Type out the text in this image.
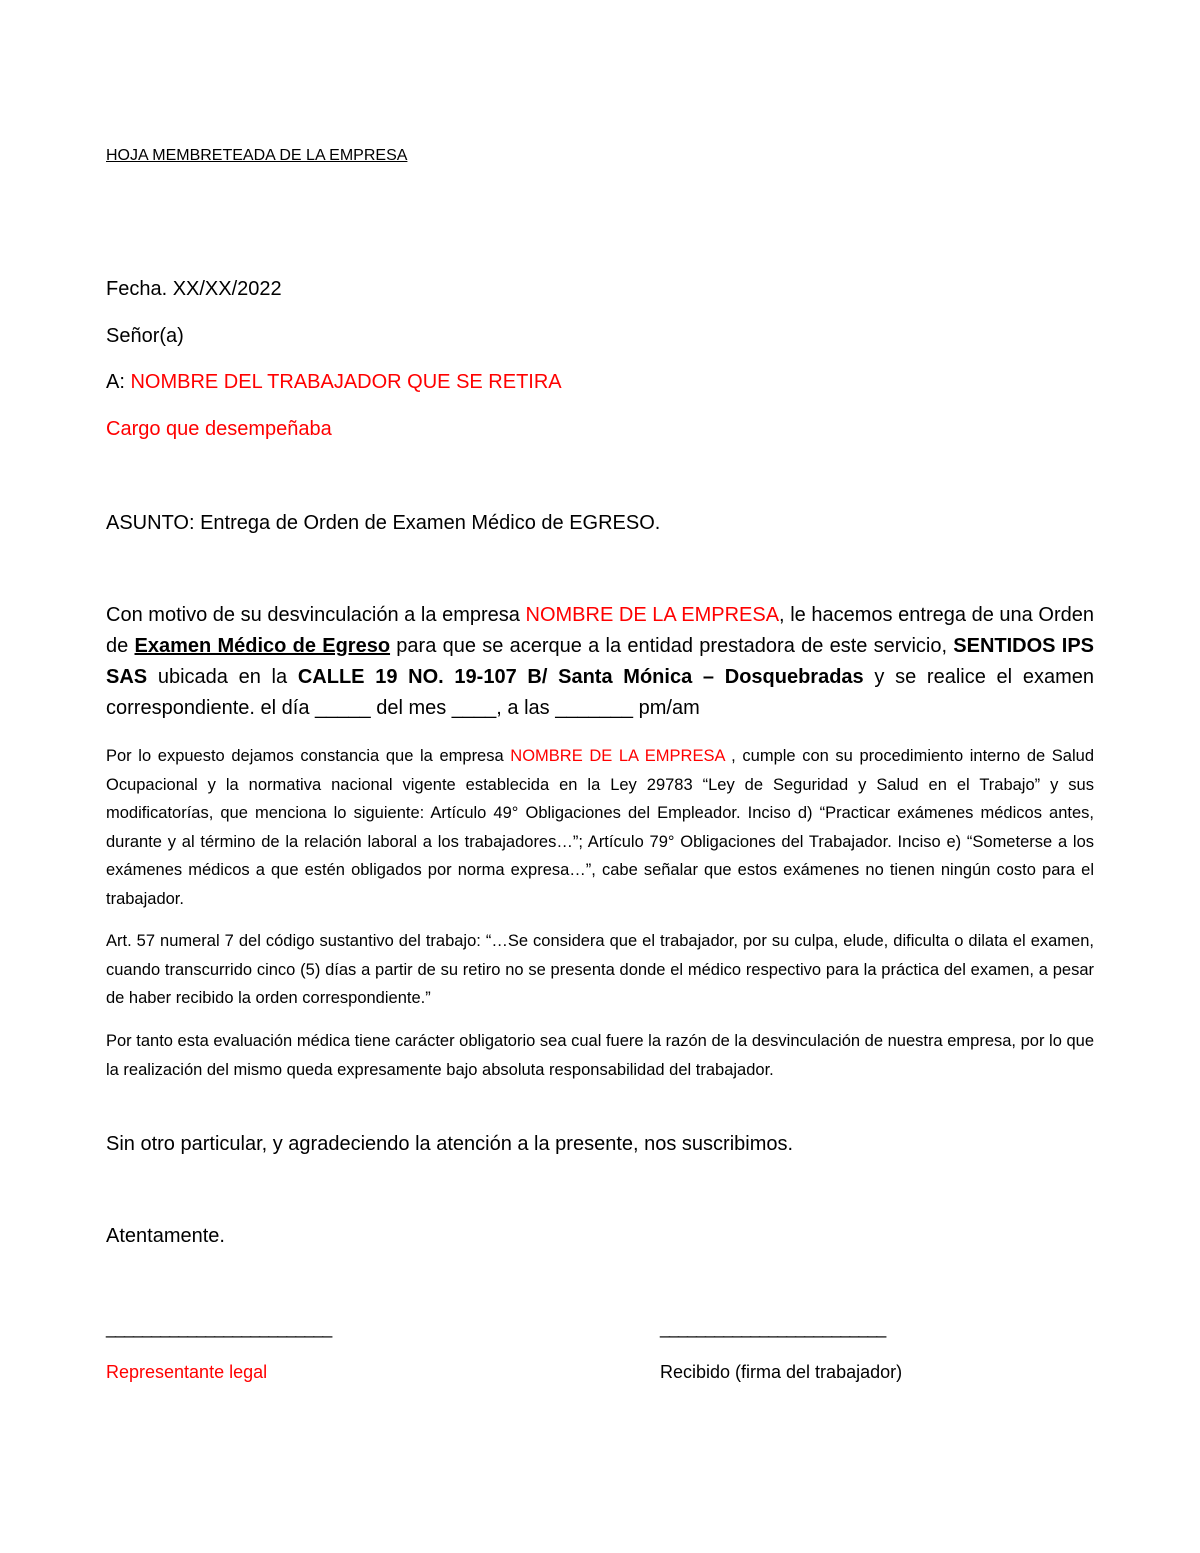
HOJA MEMBRETEADA DE LA EMPRESA
Fecha. XX/XX/2022
Señor(a)
A: NOMBRE DEL TRABAJADOR QUE SE RETIRA
Cargo que desempeñaba
ASUNTO: Entrega de Orden de Examen Médico de EGRESO.
Con motivo de su desvinculación a la empresa NOMBRE DE LA EMPRESA, le hacemos entrega de una Orden de Examen Médico de Egreso para que se acerque a la entidad prestadora de este servicio, SENTIDOS IPS SAS ubicada en la CALLE 19 NO. 19-107 B/ Santa Mónica – Dosquebradas y se realice el examen correspondiente. el día _____ del mes ____, a las _______ pm/am
Por lo expuesto dejamos constancia que la empresa NOMBRE DE LA EMPRESA , cumple con su procedimiento interno de Salud Ocupacional y la normativa nacional vigente establecida en la Ley 29783 “Ley de Seguridad y Salud en el Trabajo” y sus modificatorías, que menciona lo siguiente: Artículo 49° Obligaciones del Empleador. Inciso d) “Practicar exámenes médicos antes, durante y al término de la relación laboral a los trabajadores…”; Artículo 79° Obligaciones del Trabajador. Inciso e) “Someterse a los exámenes médicos a que estén obligados por norma expresa…”, cabe señalar que estos exámenes no tienen ningún costo para el trabajador.
Art. 57 numeral 7 del código sustantivo del trabajo: “…Se considera que el trabajador, por su culpa, elude, dificulta o dilata el examen, cuando transcurrido cinco (5) días a partir de su retiro no se presenta donde el médico respectivo para la práctica del examen, a pesar de haber recibido la orden correspondiente.”
Por tanto esta evaluación médica tiene carácter obligatorio sea cual fuere la razón de la desvinculación de nuestra empresa, por lo que la realización del mismo queda expresamente bajo absoluta responsabilidad del trabajador.
Sin otro particular, y agradeciendo la atención a la presente, nos suscribimos.
Atentamente.
_________________________	_________________________
Representante legal	Recibido (firma del trabajador)
